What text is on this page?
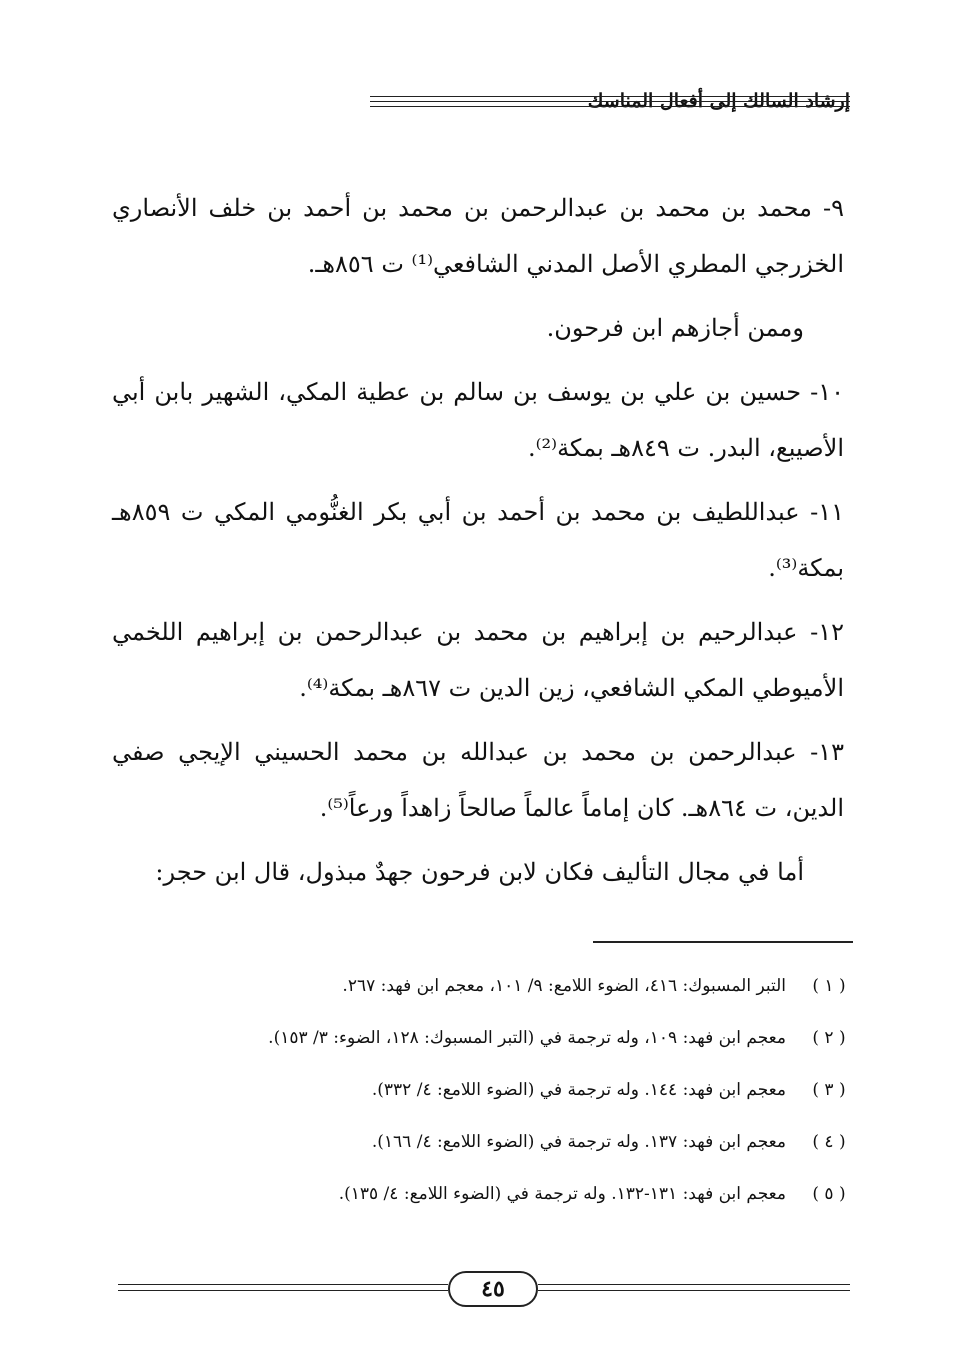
إرشاد السالك إلى أفعال المناسك

٩- محمد بن محمد بن عبدالرحمن بن محمد بن أحمد بن خلف الأنصاري الخزرجي المطري الأصل المدني الشافعي⁽¹⁾ ت ٨٥٦هـ.

وممن أجازهم ابن فرحون.

١٠- حسين بن علي بن يوسف بن سالم بن عطية المكي، الشهير بابن أبي الأصيبع، البدر. ت ٨٤٩هـ بمكة⁽²⁾.

١١- عبداللطيف بن محمد بن أحمد بن أبي بكر الغنُّومي المكي ت ٨٥٩هـ بمكة⁽³⁾.

١٢- عبدالرحيم بن إبراهيم بن محمد بن عبدالرحمن بن إبراهيم اللخمي الأميوطي المكي الشافعي، زين الدين ت ٨٦٧هـ بمكة⁽⁴⁾.

١٣- عبدالرحمن بن محمد بن عبدالله بن محمد الحسيني الإيجي صفي الدين، ت ٨٦٤هـ. كان إماماً عالماً صالحاً زاهداً ورعاً⁽⁵⁾.

أما في مجال التأليف فكان لابن فرحون جهدٌ مبذول، قال ابن حجر:

( ١ )
التبر المسبوك: ٤١٦، الضوء اللامع: ٩/ ١٠١، معجم ابن فهد: ٢٦٧.
( ٢ )
معجم ابن فهد: ١٠٩، وله ترجمة في (التبر المسبوك: ١٢٨، الضوء: ٣/ ١٥٣).
( ٣ )
معجم ابن فهد: ١٤٤. وله ترجمة في (الضوء اللامع: ٤/ ٣٣٢).
( ٤ )
معجم ابن فهد: ١٣٧. وله ترجمة في (الضوء اللامع: ٤/ ١٦٦).
( ٥ )
معجم ابن فهد: ١٣١-١٣٢. وله ترجمة في (الضوء اللامع: ٤/ ١٣٥).
٤٥
